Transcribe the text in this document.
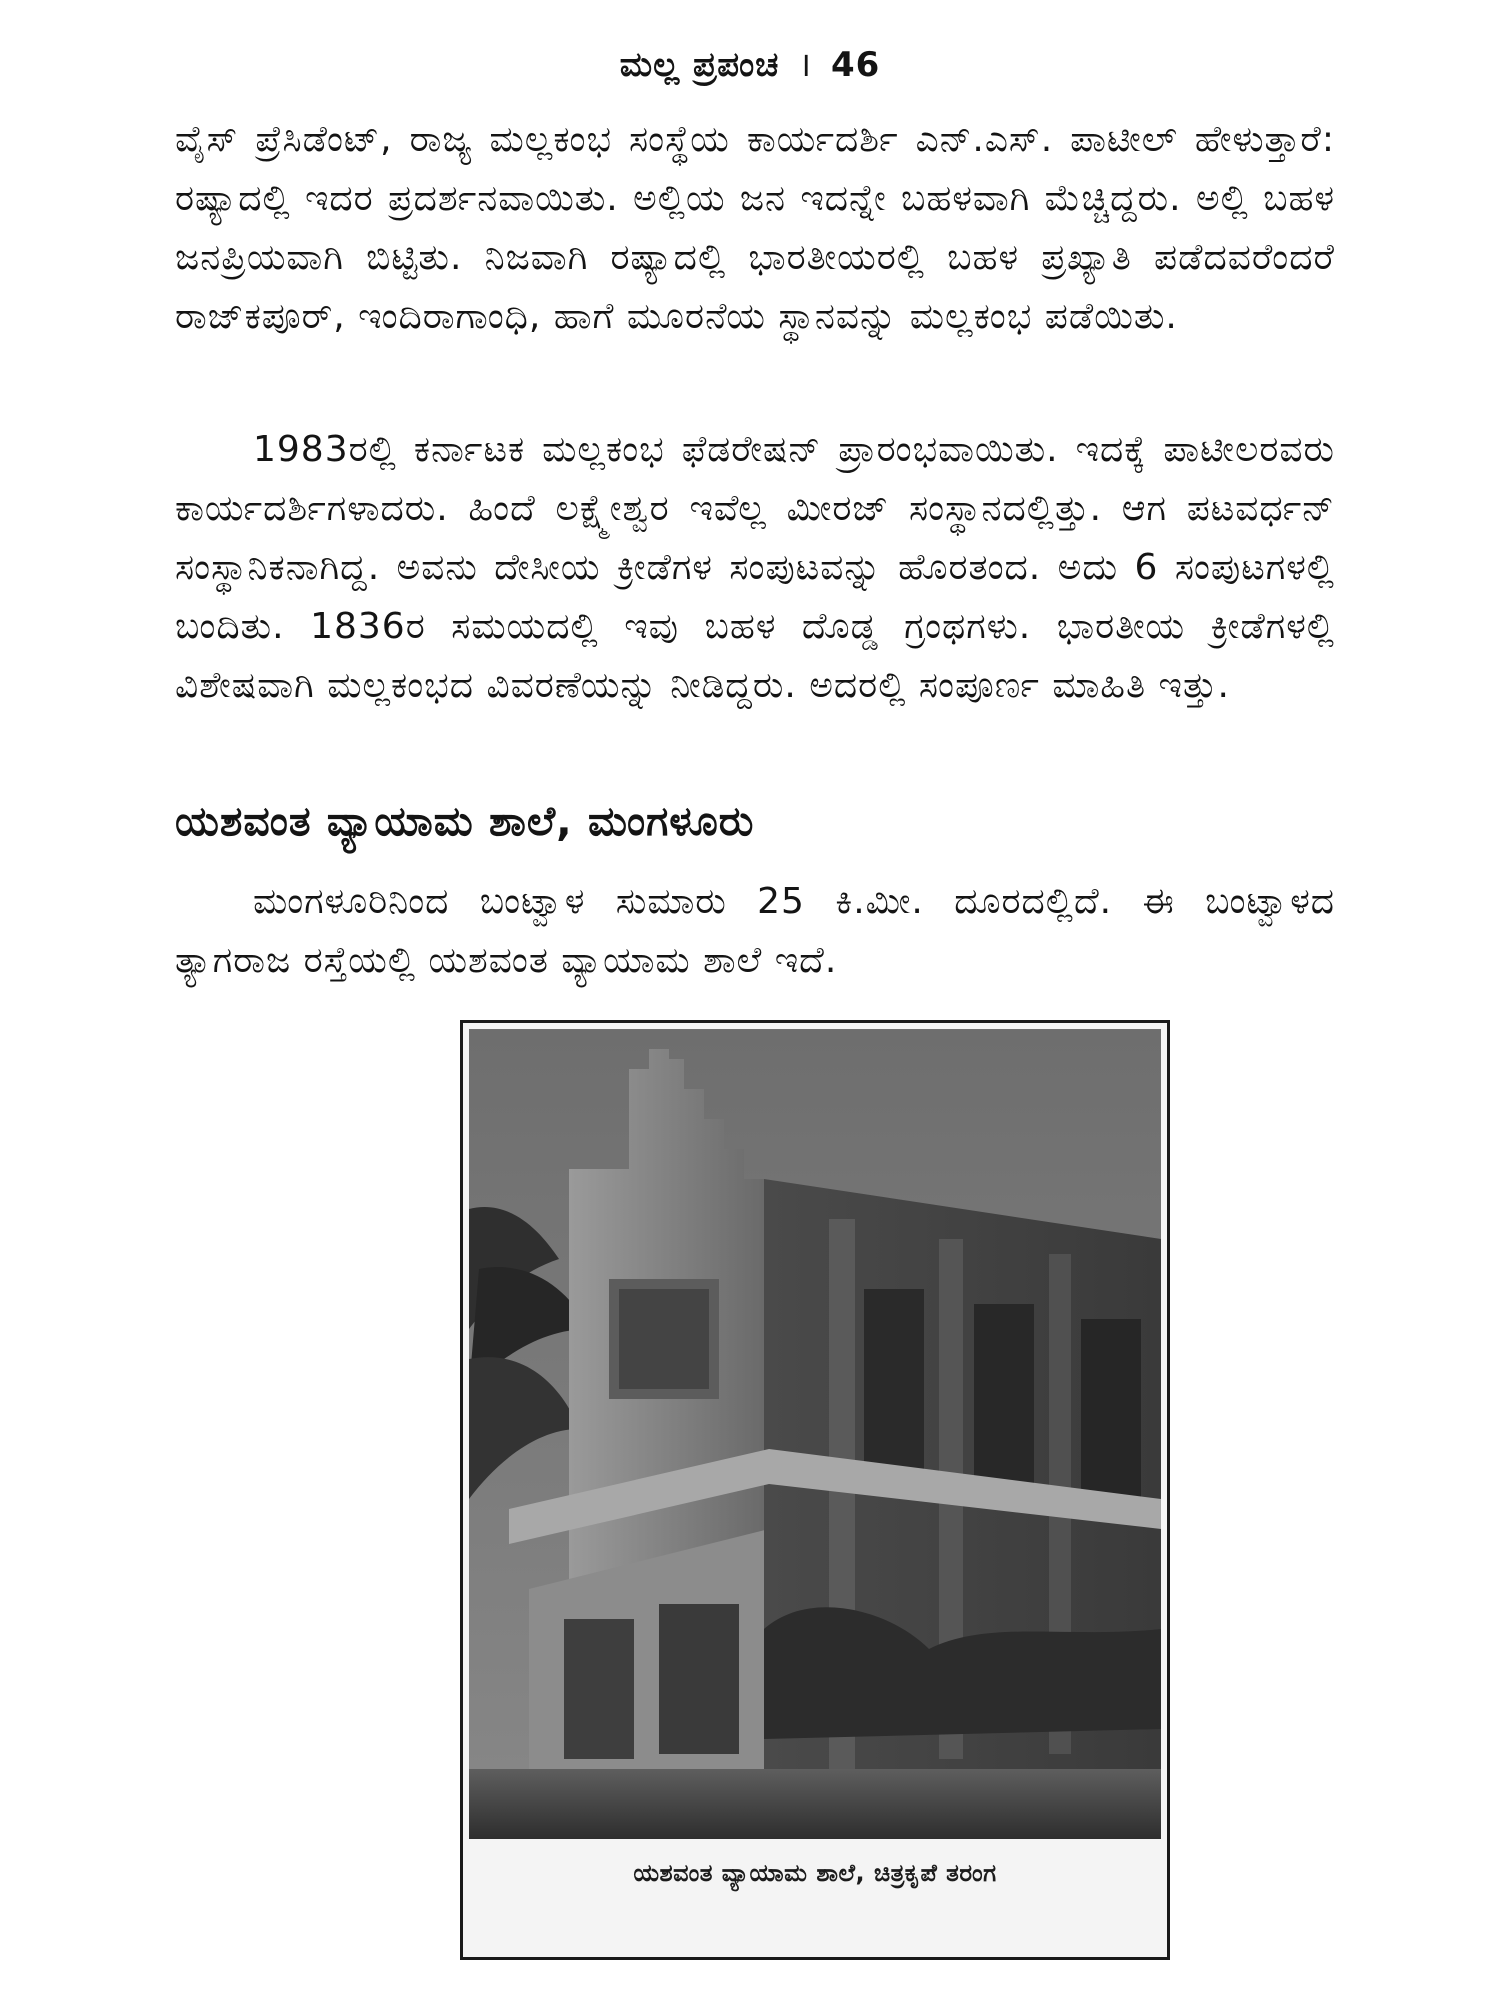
ಮಲ್ಲ ಪ್ರಪಂಚ । 46

ವೈಸ್ ಪ್ರೆಸಿಡೆಂಟ್, ರಾಜ್ಯ ಮಲ್ಲಕಂಭ ಸಂಸ್ಥೆಯ ಕಾರ್ಯದರ್ಶಿ ಎನ್.ಎಸ್. ಪಾಟೀಲ್ ಹೇಳುತ್ತಾರೆ: ರಷ್ಯಾದಲ್ಲಿ ಇದರ ಪ್ರದರ್ಶನವಾಯಿತು. ಅಲ್ಲಿಯ ಜನ ಇದನ್ನೇ ಬಹಳವಾಗಿ ಮೆಚ್ಚಿದ್ದರು. ಅಲ್ಲಿ ಬಹಳ ಜನಪ್ರಿಯವಾಗಿ ಬಿಟ್ಟಿತು. ನಿಜವಾಗಿ ರಷ್ಯಾದಲ್ಲಿ ಭಾರತೀಯರಲ್ಲಿ ಬಹಳ ಪ್ರಖ್ಯಾತಿ ಪಡೆದವರೆಂದರೆ ರಾಜ್‌ಕಪೂರ್, ಇಂದಿರಾಗಾಂಧಿ, ಹಾಗೆ ಮೂರನೆಯ ಸ್ಥಾನವನ್ನು ಮಲ್ಲಕಂಭ ಪಡೆಯಿತು.

1983ರಲ್ಲಿ ಕರ್ನಾಟಕ ಮಲ್ಲಕಂಭ ಫೆಡರೇಷನ್ ಪ್ರಾರಂಭವಾಯಿತು. ಇದಕ್ಕೆ ಪಾಟೀಲರವರು ಕಾರ್ಯದರ್ಶಿಗಳಾದರು. ಹಿಂದೆ ಲಕ್ಷ್ಮೇಶ್ವರ ಇವೆಲ್ಲ ಮೀರಜ್ ಸಂಸ್ಥಾನದಲ್ಲಿತ್ತು. ಆಗ ಪಟವರ್ಧನ್ ಸಂಸ್ಥಾನಿಕನಾಗಿದ್ದ. ಅವನು ದೇಸೀಯ ಕ್ರೀಡೆಗಳ ಸಂಪುಟವನ್ನು ಹೊರತಂದ. ಅದು 6 ಸಂಪುಟಗಳಲ್ಲಿ ಬಂದಿತು. 1836ರ ಸಮಯದಲ್ಲಿ ಇವು ಬಹಳ ದೊಡ್ಡ ಗ್ರಂಥಗಳು. ಭಾರತೀಯ ಕ್ರೀಡೆಗಳಲ್ಲಿ ವಿಶೇಷವಾಗಿ ಮಲ್ಲಕಂಭದ ವಿವರಣೆಯನ್ನು ನೀಡಿದ್ದರು. ಅದರಲ್ಲಿ ಸಂಪೂರ್ಣ ಮಾಹಿತಿ ಇತ್ತು.

ಯಶವಂತ ವ್ಯಾಯಾಮ ಶಾಲೆ, ಮಂಗಳೂರು

ಮಂಗಳೂರಿನಿಂದ ಬಂಟ್ವಾಳ ಸುಮಾರು 25 ಕಿ.ಮೀ. ದೂರದಲ್ಲಿದೆ. ಈ ಬಂಟ್ವಾಳದ ತ್ಯಾಗರಾಜ ರಸ್ತೆಯಲ್ಲಿ ಯಶವಂತ ವ್ಯಾಯಾಮ ಶಾಲೆ ಇದೆ.

ಯಶವಂತ ವ್ಯಾಯಾಮ ಶಾಲೆ, ಚಿತ್ರಕೃಪೆ ತರಂಗ
